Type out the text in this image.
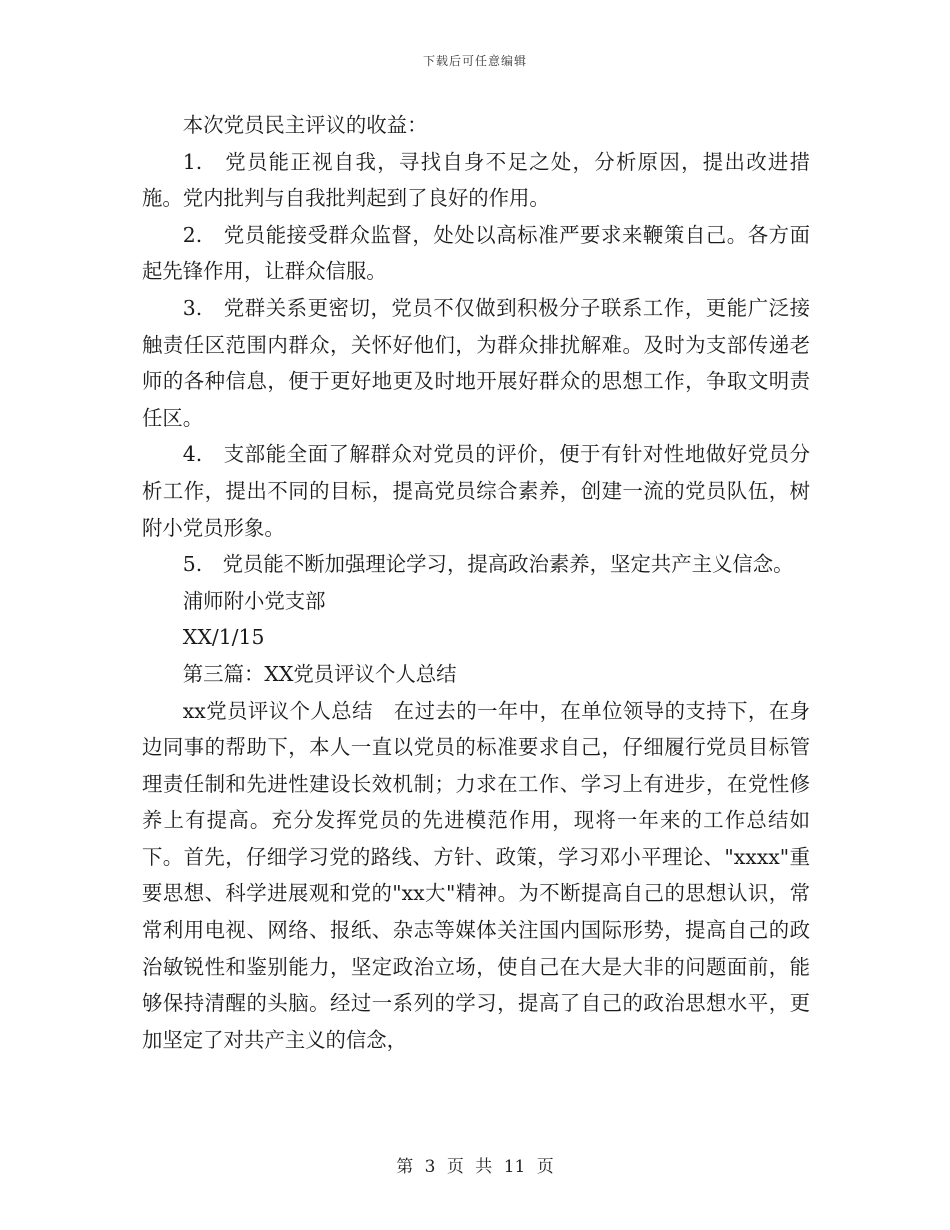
下载后可任意编辑

本次党员民主评议的收益：

1.　党员能正视自我，寻找自身不足之处，分析原因，提出改进措施。党内批判与自我批判起到了良好的作用。

2.　党员能接受群众监督，处处以高标准严要求来鞭策自己。各方面起先锋作用，让群众信服。

3.　党群关系更密切，党员不仅做到积极分子联系工作，更能广泛接触责任区范围内群众，关怀好他们，为群众排扰解难。及时为支部传递老师的各种信息，便于更好地更及时地开展好群众的思想工作，争取文明责任区。

4.　支部能全面了解群众对党员的评价，便于有针对性地做好党员分析工作，提出不同的目标，提高党员综合素养，创建一流的党员队伍，树附小党员形象。

5.　党员能不断加强理论学习，提高政治素养，坚定共产主义信念。

浦师附小党支部

XX/1/15

第三篇：XX党员评议个人总结

xx党员评议个人总结　在过去的一年中，在单位领导的支持下，在身边同事的帮助下，本人一直以党员的标准要求自己，仔细履行党员目标管理责任制和先进性建设长效机制；力求在工作、学习上有进步，在党性修养上有提高。充分发挥党员的先进模范作用，现将一年来的工作总结如下。首先，仔细学习党的路线、方针、政策，学习邓小平理论、"xxxx"重要思想、科学进展观和党的"xx大"精神。为不断提高自己的思想认识，常常利用电视、网络、报纸、杂志等媒体关注国内国际形势，提高自己的政治敏锐性和鉴别能力，坚定政治立场，使自己在大是大非的问题面前，能够保持清醒的头脑。经过一系列的学习，提高了自己的政治思想水平，更加坚定了对共产主义的信念，

第 3 页 共 11 页
